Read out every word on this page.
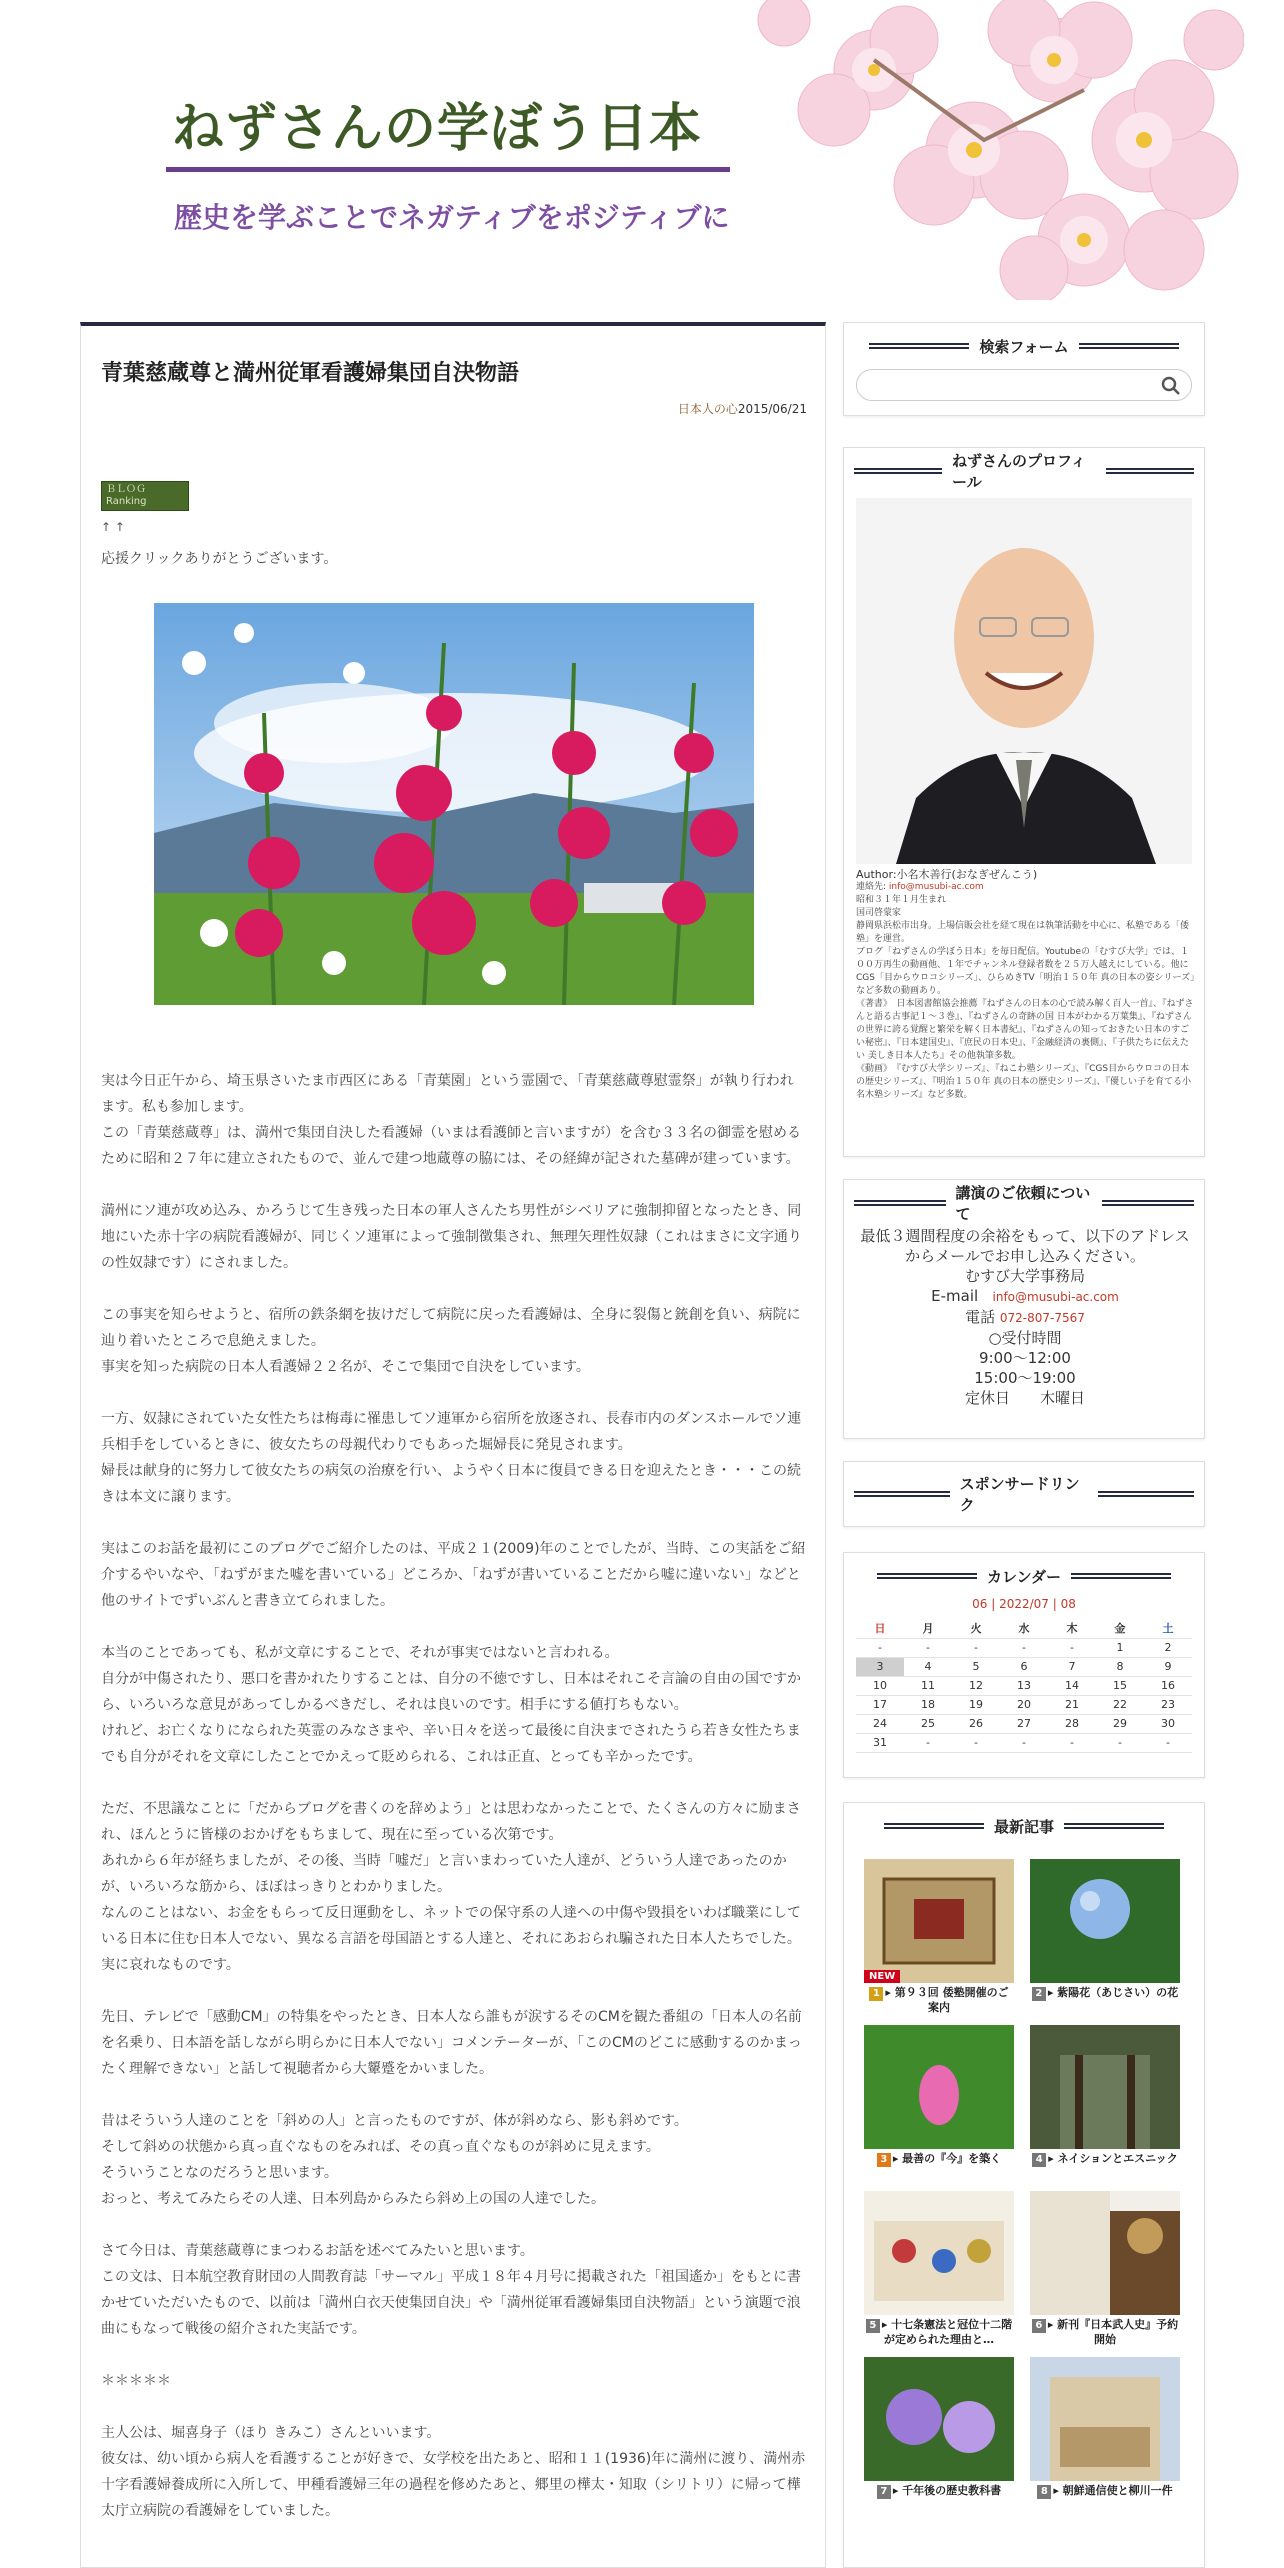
ねずさんの学ぼう日本
歴史を学ぶことでネガティブをポジティブに
青葉慈蔵尊と満州従軍看護婦集団自決物語
日本人の心2015/06/21
ＢＬＯＧ Ranking
↑ ↑
応援クリックありがとうございます。

実は今日正午から、埼玉県さいたま市西区にある「青葉園」という霊園で、「青葉慈蔵尊慰霊祭」が執り行われます。私も参加します。
この「青葉慈蔵尊」は、満州で集団自決した看護婦（いまは看護師と言いますが）を含む３３名の御霊を慰めるために昭和２７年に建立されたもので、並んで建つ地蔵尊の脇には、その経緯が記された墓碑が建っています。

満州にソ連が攻め込み、かろうじて生き残った日本の軍人さんたち男性がシベリアに強制抑留となったとき、同地にいた赤十字の病院看護婦が、同じくソ連軍によって強制徴集され、無理矢理性奴隷（これはまさに文字通りの性奴隷です）にされました。

この事実を知らせようと、宿所の鉄条網を抜けだして病院に戻った看護婦は、全身に裂傷と銃創を負い、病院に辿り着いたところで息絶えました。
事実を知った病院の日本人看護婦２２名が、そこで集団で自決をしています。

一方、奴隷にされていた女性たちは梅毒に罹患してソ連軍から宿所を放逐され、長春市内のダンスホールでソ連兵相手をしているときに、彼女たちの母親代わりでもあった堀婦長に発見されます。
婦長は献身的に努力して彼女たちの病気の治療を行い、ようやく日本に復員できる日を迎えたとき・・・この続きは本文に譲ります。

実はこのお話を最初にこのブログでご紹介したのは、平成２１(2009)年のことでしたが、当時、この実話をご紹介するやいなや、「ねずがまた嘘を書いている」どころか、「ねずが書いていることだから嘘に違いない」などと他のサイトでずいぶんと書き立てられました。

本当のことであっても、私が文章にすることで、それが事実ではないと言われる。
自分が中傷されたり、悪口を書かれたりすることは、自分の不徳ですし、日本はそれこそ言論の自由の国ですから、いろいろな意見があってしかるべきだし、それは良いのです。相手にする値打ちもない。
けれど、お亡くなりになられた英霊のみなさまや、辛い日々を送って最後に自決までされたうら若き女性たちまでも自分がそれを文章にしたことでかえって貶められる、これは正直、とっても辛かったです。

ただ、不思議なことに「だからブログを書くのを辞めよう」とは思わなかったことで、たくさんの方々に励まされ、ほんとうに皆様のおかげをもちまして、現在に至っている次第です。
あれから６年が経ちましたが、その後、当時「嘘だ」と言いまわっていた人達が、どういう人達であったのかが、いろいろな筋から、ほぼはっきりとわかりました。
なんのことはない、お金をもらって反日運動をし、ネットでの保守系の人達への中傷や毀損をいわば職業にしている日本に住む日本人でない、異なる言語を母国語とする人達と、それにあおられ騙された日本人たちでした。実に哀れなものです。

先日、テレビで「感動CM」の特集をやったとき、日本人なら誰もが涙するそのCMを観た番組の「日本人の名前を名乗り、日本語を話しながら明らかに日本人でない」コメンテーターが、「このCMのどこに感動するのかまったく理解できない」と話して視聴者から大顰蹙をかいました。

昔はそういう人達のことを「斜めの人」と言ったものですが、体が斜めなら、影も斜めです。
そして斜めの状態から真っ直ぐなものをみれば、その真っ直ぐなものが斜めに見えます。
そういうことなのだろうと思います。
おっと、考えてみたらその人達、日本列島からみたら斜め上の国の人達でした。

さて今日は、青葉慈蔵尊にまつわるお話を述べてみたいと思います。
この文は、日本航空教育財団の人間教育誌「サーマル」平成１８年４月号に掲載された「祖国遙か」をもとに書かせていただいたもので、以前は「満州白衣天使集団自決」や「満州従軍看護婦集団自決物語」という演題で浪曲にもなって戦後の紹介された実話です。

＊＊＊＊＊

主人公は、堀喜身子（ほり きみこ）さんといいます。
彼女は、幼い頃から病人を看護することが好きで、女学校を出たあと、昭和１１(1936)年に満州に渡り、満州赤十字看護婦養成所に入所して、甲種看護婦三年の過程を修めたあと、郷里の樺太・知取（シリトリ）に帰って樺太庁立病院の看護婦をしていました。

検索フォーム
ねずさんのプロフィール
Author:小名木善行(おなぎぜんこう)
連絡先: info@musubi-ac.com
昭和３１年１月生まれ
国司啓蒙家
静岡県浜松市出身。上場信販会社を経て現在は執筆活動を中心に、私塾である「倭塾」を運営。
ブログ「ねずさんの学ぼう日本」を毎日配信。Youtubeの「むすび大学」では、１００万再生の動画他、１年でチャンネル登録者数を２５万人越えにしている。他にCGS「目からウロコシリーズ」、ひらめきTV「明治１５０年 真の日本の姿シリーズ」など多数の動画あり。
《著書》　日本図書館協会推薦『ねずさんの日本の心で読み解く百人一首』、『ねずさんと語る古事記１～３巻』、『ねずさんの奇跡の国 日本がわかる万葉集』、『ねずさんの世界に誇る覚醒と繁栄を解く日本書紀』、『ねずさんの知っておきたい日本のすごい秘密』、『日本建国史』、『庶民の日本史』、『金融経済の裏側』、『子供たちに伝えたい 美しき日本人たち』その他執筆多数。
《動画》　『むすび大学シリーズ』、『ねこわ塾シリーズ』、『CGS目からウロコの日本の歴史シリーズ』、『明治１５０年 真の日本の歴史シリーズ』、『優しい子を育てる小名木塾シリーズ』など多数。
講演のご依頼について
最低３週間程度の余裕をもって、以下のアドレスからメールでお申し込みください。
むすび大学事務局
E-mail info@musubi-ac.com
電話 072-807-7567
○受付時間
9:00～12:00
15:00～19:00
定休日　　木曜日
スポンサードリンク
カレンダー
06 | 2022/07 | 08
日	月	火	水	木	金	土
-	-	-	-	-	1	2
3	4	5	6	7	8	9
10	11	12	13	14	15	16
17	18	19	20	21	22	23
24	25	26	27	28	29	30
31	-	-	-	-	-	-
最新記事
NEW
1 ▸ 第９３回 倭塾開催のご案内
2 ▸ 紫陽花（あじさい）の花
3 ▸ 最善の『今』を築く	4 ▸ ネイションとエスニック
5 ▸ 十七条憲法と冠位十二階が定められた理由と…
6 ▸ 新刊『日本武人史』予約開始
7 ▸ 千年後の歴史教科書	8 ▸ 朝鮮通信使と柳川一件
